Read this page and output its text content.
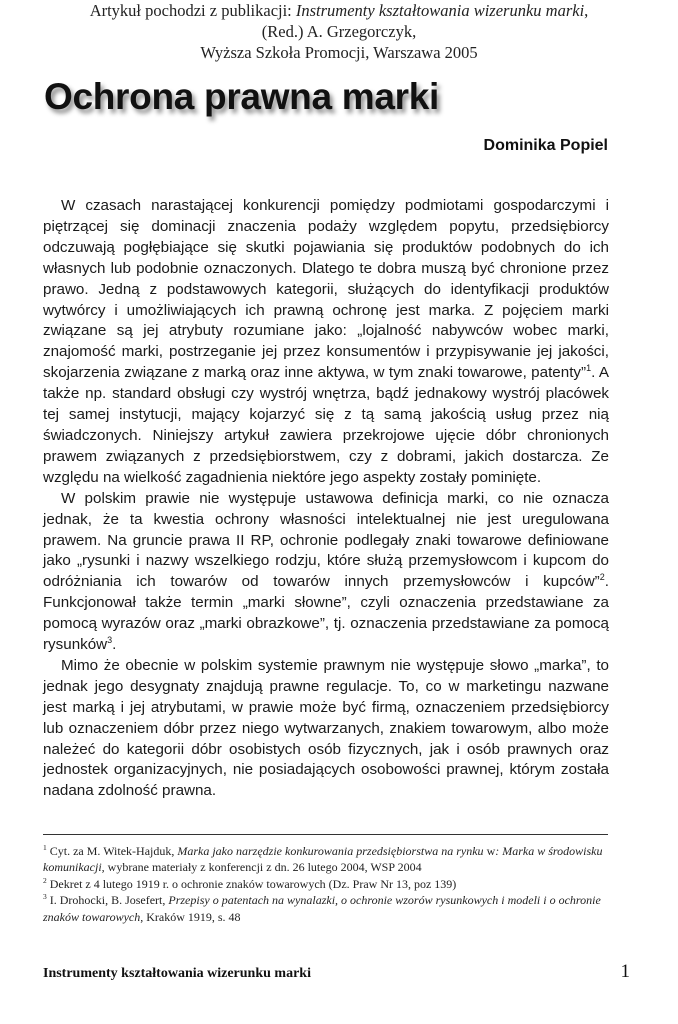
Artykuł pochodzi z publikacji: Instrumenty kształtowania wizerunku marki,
(Red.) A. Grzegorczyk,
Wyższa Szkoła Promocji, Warszawa 2005
Ochrona prawna marki
Dominika Popiel

W czasach narastającej konkurencji pomiędzy podmiotami gospodarczymi i piętrzącej się dominacji znaczenia podaży względem popytu, przedsiębiorcy odczuwają pogłębiające się skutki pojawiania się produktów podobnych do ich własnych lub podobnie oznaczonych. Dlatego te dobra muszą być chronione przez prawo. Jedną z podstawowych kategorii, służących do identyfikacji produktów wytwórcy i umożliwiających ich prawną ochronę jest marka. Z pojęciem marki związane są jej atrybuty rozumiane jako: „lojalność nabywców wobec marki, znajomość marki, postrzeganie jej przez konsumentów i przypisywanie jej jakości, skojarzenia związane z marką oraz inne aktywa, w tym znaki towarowe, patenty”$^1$. A także np. standard obsługi czy wystrój wnętrza, bądź jednakowy wystrój placówek tej samej instytucji, mający kojarzyć się z tą samą jakością usług przez nią świadczonych. Niniejszy artykuł zawiera przekrojowe ujęcie dóbr chronionych prawem związanych z przedsiębiorstwem, czy z dobrami, jakich dostarcza. Ze względu na wielkość zagadnienia niektóre jego aspekty zostały pominięte.

W polskim prawie nie występuje ustawowa definicja marki, co nie oznacza jednak, że ta kwestia ochrony własności intelektualnej nie jest uregulowana prawem. Na gruncie prawa II RP, ochronie podlegały znaki towarowe definiowane jako „rysunki i nazwy wszelkiego rodzju, które służą przemysłowcom i kupcom do odróżniania ich towarów od towarów innych przemysłowców i kupców”$^2$. Funkcjonował także termin „marki słowne”, czyli oznaczenia przedstawiane za pomocą wyrazów oraz „marki obrazkowe”, tj. oznaczenia przedstawiane za pomocą rysunków$^3$.

Mimo że obecnie w polskim systemie prawnym nie występuje słowo „marka”, to jednak jego desygnaty znajdują prawne regulacje. To, co w marketingu nazwane jest marką i jej atrybutami, w prawie może być firmą, oznaczeniem przedsiębiorcy lub oznaczeniem dóbr przez niego wytwarzanych, znakiem towarowym, albo może należeć do kategorii dóbr osobistych osób fizycznych, jak i osób prawnych oraz jednostek organizacyjnych, nie posiadających osobowości prawnej, którym została nadana zdolność prawna.

$^1$ Cyt. za M. Witek-Hajduk, Marka jako narzędzie konkurowania przedsiębiorstwa na rynku w: Marka w środowisku komunikacji, wybrane materiały z konferencji z dn. 26 lutego 2004, WSP 2004

$^2$ Dekret z 4 lutego 1919 r. o ochronie znaków towarowych (Dz. Praw Nr 13, poz 139)

$^3$ I. Drohocki, B. Josefert, Przepisy o patentach na wynalazki, o ochronie wzorów rysunkowych i modeli i o ochronie znaków towarowych, Kraków 1919, s. 48

Instrumenty kształtowania wizerunku marki	1
